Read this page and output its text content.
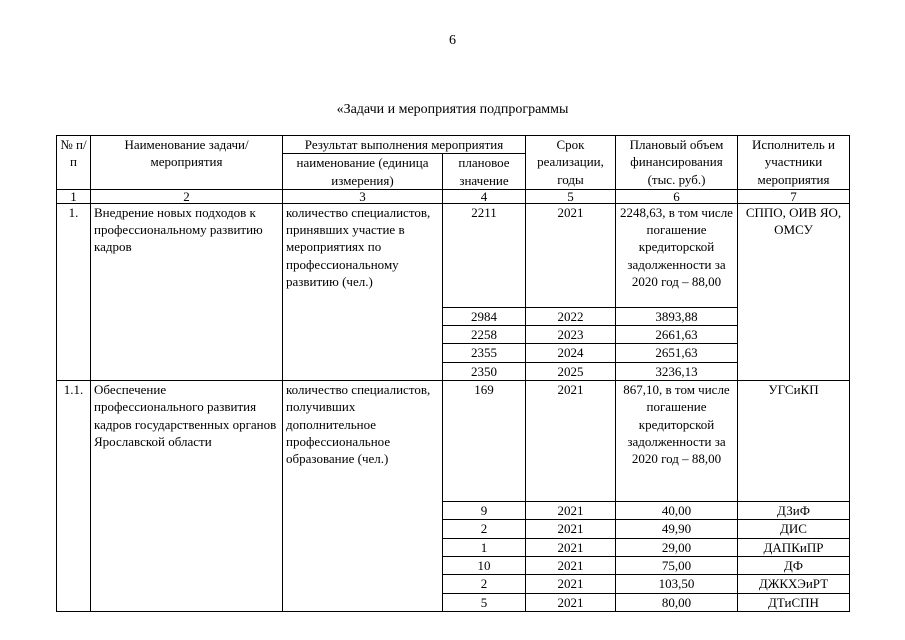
6
«Задачи и мероприятия подпрограммы
№ п/п	Наименование задачи/мероприятия	Результат выполнения мероприятия		Срок реализации, годы	Плановый объем финансирования (тыс. руб.)	Исполнитель и участники мероприятия
		наименование (единица измерения)	плановое значение			
1	2	3	4	5	6	7
1.	Внедрение новых подходов к профессиональному развитию кадров	количество специалистов, принявших участие в мероприятиях по профессиональному развитию (чел.)	2211	2021	2248,63, в том числе погашение кредиторской задолженности за 2020 год – 88,00	СППО, ОИВ ЯО, ОМСУ
			2984	2022	3893,88	
			2258	2023	2661,63	
			2355	2024	2651,63	
			2350	2025	3236,13	
1.1.	Обеспечение профессионального развития кадров государственных органов Ярославской области	количество специалистов, получивших дополнительное профессиональное образование (чел.)	169	2021	867,10, в том числе погашение кредиторской задолженности за 2020 год – 88,00	УГСиКП
			9	2021	40,00	ДЗиФ
			2	2021	49,90	ДИС
			1	2021	29,00	ДАПКиПР
			10	2021	75,00	ДФ
			2	2021	103,50	ДЖКХЭиРТ
			5	2021	80,00	ДТиСПН
